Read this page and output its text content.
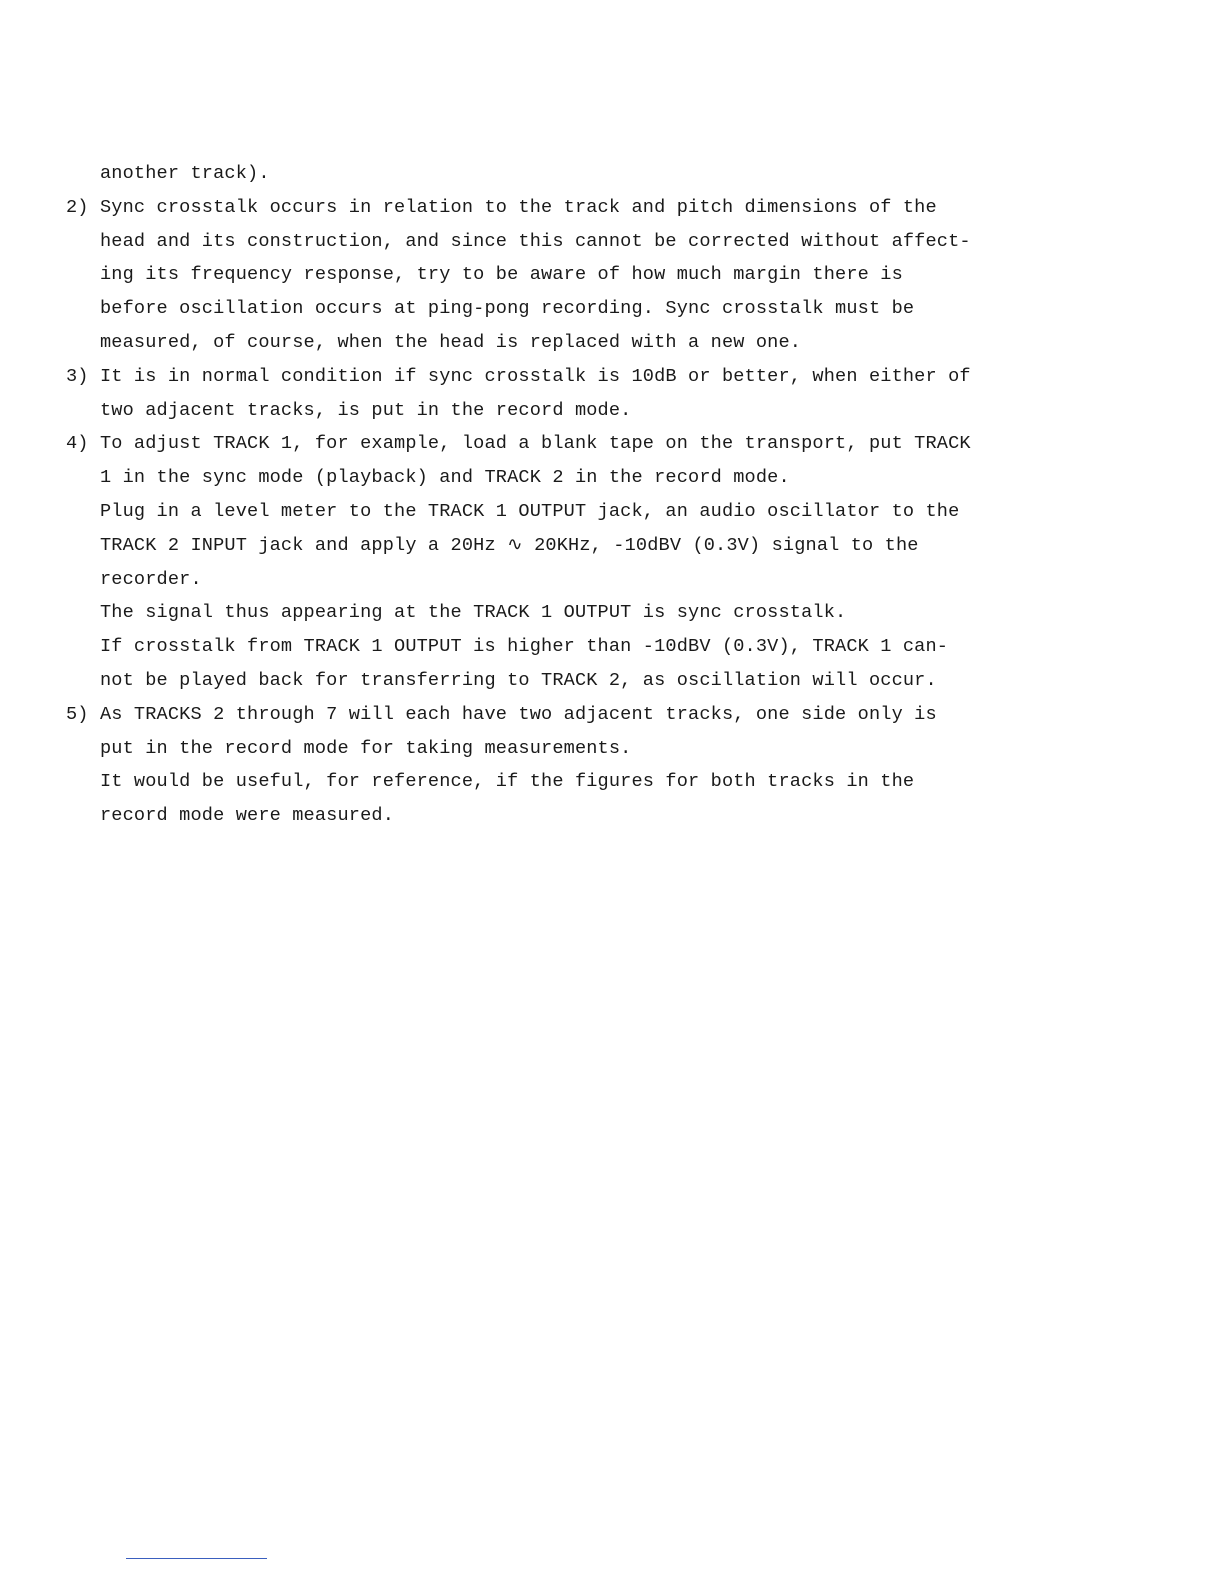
another track).
2) Sync crosstalk occurs in relation to the track and pitch dimensions of the
head and its construction, and since this cannot be corrected without affect-
ing its frequency response, try to be aware of how much margin there is
before oscillation occurs at ping-pong recording. Sync crosstalk must be
measured, of course, when the head is replaced with a new one.
3) It is in normal condition if sync crosstalk is 10dB or better, when either of
two adjacent tracks, is put in the record mode.
4) To adjust TRACK 1, for example, load a blank tape on the transport, put TRACK
1 in the sync mode (playback) and TRACK 2 in the record mode.
Plug in a level meter to the TRACK 1 OUTPUT jack, an audio oscillator to the
TRACK 2 INPUT jack and apply a 20Hz ∿ 20KHz, -10dBV (0.3V) signal to the
recorder.
The signal thus appearing at the TRACK 1 OUTPUT is sync crosstalk.
If crosstalk from TRACK 1 OUTPUT is higher than -10dBV (0.3V), TRACK 1 can-
not be played back for transferring to TRACK 2, as oscillation will occur.
5) As TRACKS 2 through 7 will each have two adjacent tracks, one side only is
put in the record mode for taking measurements.
It would be useful, for reference, if the figures for both tracks in the
record mode were measured.
